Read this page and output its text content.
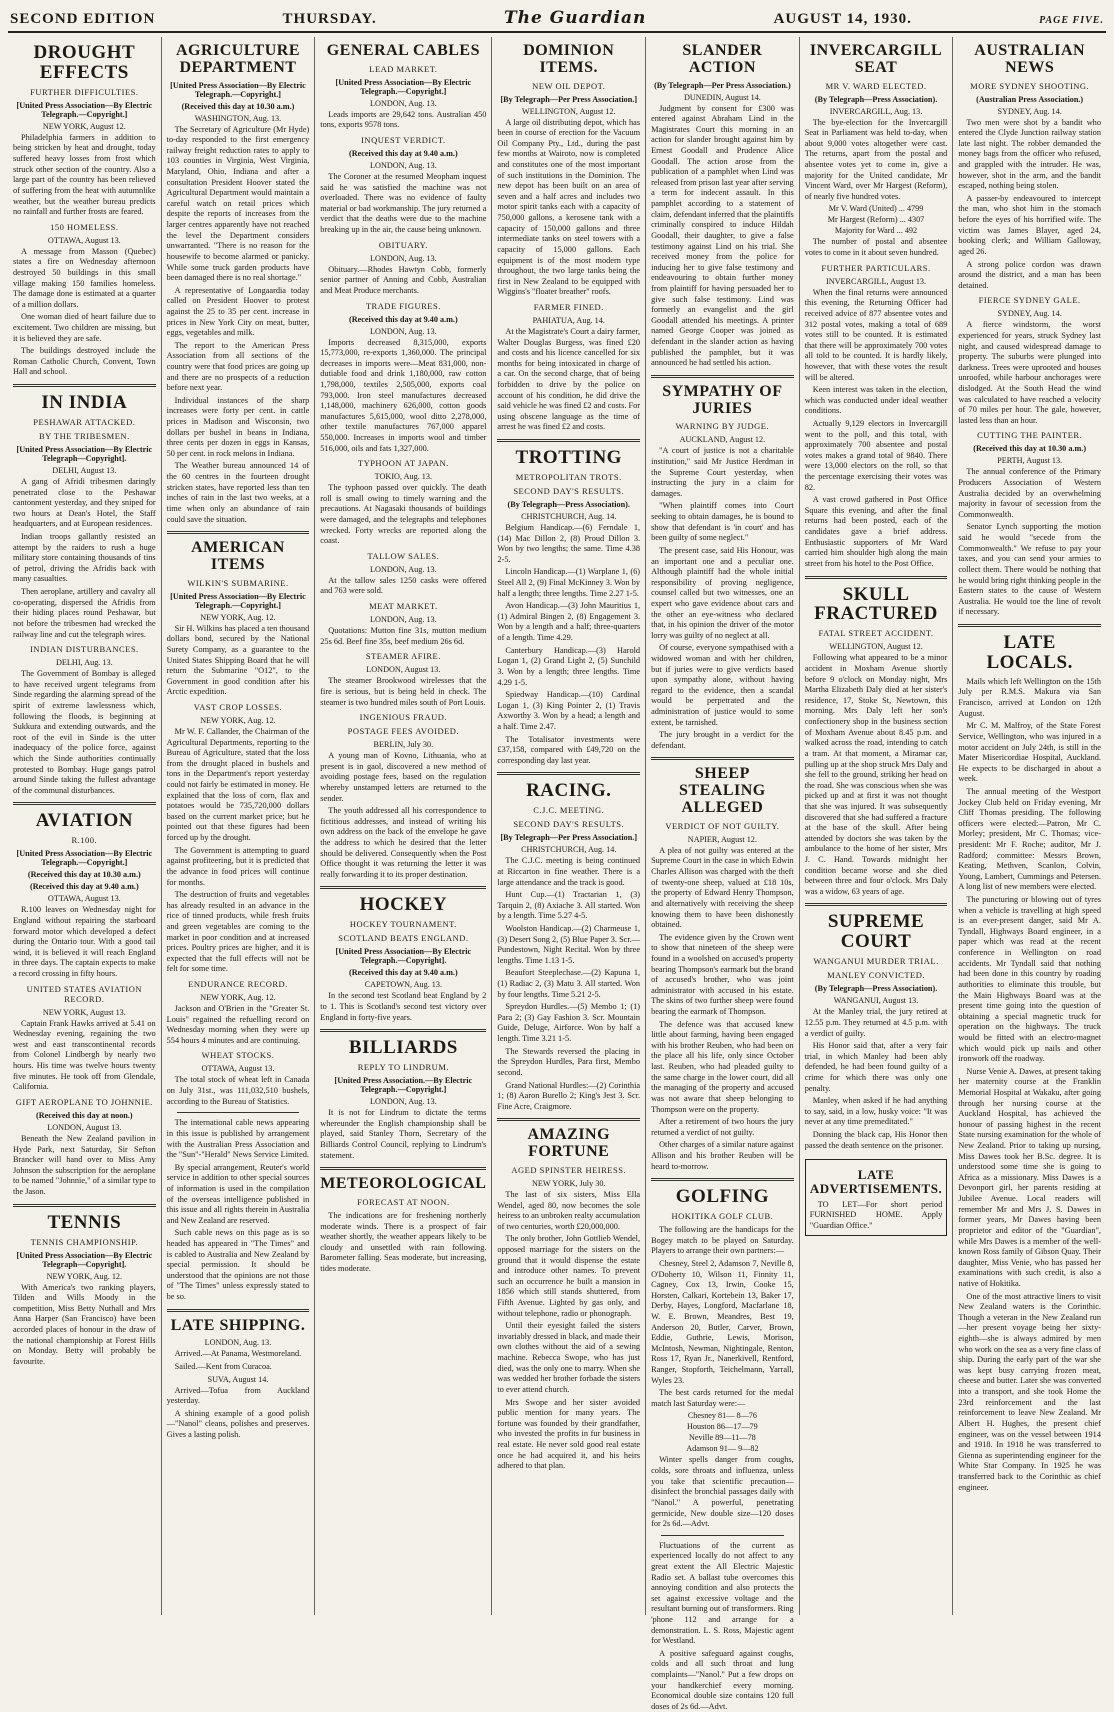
SECOND EDITION	THURSDAY.	The Guardian	AUGUST 14, 1930.	PAGE FIVE.
DROUGHT EFFECTS
FURTHER DIFFICULTIES.
[United Press Association—By Electric Telegraph.—Copyright.]
NEW YORK, August 12.

Philadelphia farmers in addition to being stricken by heat and drought, today suffered heavy losses from frost which struck other section of the country. Also a large part of the country has been relieved of suffering from the heat with autumnlike weather, but the weather bureau predicts no rainfall and further frosts are feared.

150 HOMELESS.
OTTAWA, August 13.

A message from Masson (Quebec) states a fire on Wednesday afternoon destroyed 50 buildings in this small village making 150 families homeless. The damage done is estimated at a quarter of a million dollars.

One woman died of heart failure due to excitement. Two children are missing, but it is believed they are safe.

The buildings destroyed include the Roman Catholic Church, Convent, Town Hall and school.

IN INDIA
PESHAWAR ATTACKED.
BY THE TRIBESMEN.
[United Press Association—By Electric Telegraph—Copyright].
DELHI, August 13.

A gang of Afridi tribesmen daringly penetrated close to the Peshawar cantonment yesterday, and they sniped for two hours at Dean's Hotel, the Staff headquarters, and at European residences.

Indian troops gallantly resisted an attempt by the raiders to rush a huge military store containing thousands of tins of petrol, driving the Afridis back with many casualties.

Then aeroplane, artillery and cavalry all co-operating, dispersed the Afridis from their hiding places round Peshawar, but not before the tribesmen had wrecked the railway line and cut the telegraph wires.

INDIAN DISTURBANCES.
DELHI, Aug. 13.

The Government of Bombay is alleged to have received urgent telegrams from Sinde regarding the alarming spread of the spirit of extreme lawlessness which, following the floods, is beginning at Sukkura and extending outwards, and the root of the evil in Sinde is the utter inadequacy of the police force, against which the Sinde authorities continually protested to Bombay. Huge gangs patrol around Sinde taking the fullest advantage of the communal disturbances.

AVIATION
R.100.
[United Press Association—By Electric Telegraph.—Copyright.]
(Received this day at 10.30 a.m.)
(Received this day at 9.40 a.m.)
OTTAWA, August 13.

R.100 leaves on Wednesday night for England without repairing the starboard forward motor which developed a defect during the Ontario tour. With a good tail wind, it is believed it will reach England in three days. The captain expects to make a record crossing in fifty hours.

UNITED STATES AVIATION RECORD.
NEW YORK, August 13.

Captain Frank Hawks arrived at 5.41 on Wednesday evening, regaining the two west and east transcontinental records from Colonel Lindbergh by nearly two hours. His time was twelve hours twenty five minutes. He took off from Glendale, California.

GIFT AEROPLANE TO JOHNNIE.
(Received this day at noon.)
LONDON, August 13.

Beneath the New Zealand pavilion in Hyde Park, next Saturday, Sir Sefton Brancker will hand over to Miss Amy Johnson the subscription for the aeroplane to be named "Johnnie," of a similar type to the Jason.

TENNIS
TENNIS CHAMPIONSHIP.
[United Press Association—By Electric Telegraph—Copyright].
NEW YORK, Aug. 12.

With America's two ranking players, Tilden and Wills Moody in the competition, Miss Betty Nuthall and Mrs Anna Harper (San Francisco) have been accorded places of honour in the draw of the national championship at Forest Hills on Monday. Betty will probably be favourite.

AGRICULTURE DEPARTMENT
[United Press Association—By Electric Telegraph.—Copyright.]
(Received this day at 10.30 a.m.)
WASHINGTON, Aug. 13.

The Secretary of Agriculture (Mr Hyde) to-day responded to the first emergency railway freight reduction rates to apply to 103 counties in Virginia, West Virginia, Maryland, Ohio, Indiana and after a consultation President Hoover stated the Agricultural Department would maintain a careful watch on retail prices which despite the reports of increases from the larger centres apparently have not reached the level the Department considers unwarranted. "There is no reason for the housewife to become alarmed or panicky. While some truck garden products have been damaged there is no real shortage."

A representative of Longaardia today called on President Hoover to protest against the 25 to 35 per cent. increase in prices in New York City on meat, butter, eggs, vegetables and milk.

The report to the American Press Association from all sections of the country were that food prices are going up and there are no prospects of a reduction before next year.

Individual instances of the sharp increases were forty per cent. in cattle prices in Madison and Wisconsin, two dollars per bushel in beans in Indiana, three cents per dozen in eggs in Kansas, 50 per cent. in rock melons in Indiana.

The Weather bureau announced 14 of the 60 centres in the fourteen drought stricken states, have reported less than ten inches of rain in the last two weeks, at a time when only an abundance of rain could save the situation.

AMERICAN ITEMS
WILKIN'S SUBMARINE.
[United Press Association—By Electric Telegraph.—Copyright.]
NEW YORK, Aug. 12.

Sir H. Wilkins has placed a ten thousand dollars bond, secured by the National Surety Company, as a guarantee to the United States Shipping Board that he will return the Submarine "O12", to the Government in good condition after his Arctic expedition.

VAST CROP LOSSES.
NEW YORK, Aug. 12.

Mr W. F. Callander, the Chairman of the Agricultural Departments, reporting to the Bureau of Agriculture, stated that the loss from the drought placed in bushels and tons in the Department's report yesterday could not fairly be estimated in money. He explained that the loss of corn, flax and potatoes would be 735,720,000 dollars based on the current market price; but he pointed out that these figures had been forced up by the drought.

The Government is attempting to guard against profiteering, but it is predicted that the advance in food prices will continue for months.

The destruction of fruits and vegetables has already resulted in an advance in the rice of tinned products, while fresh fruits and green vegetables are coming to the market in poor condition and at increased prices. Poultry prices are higher, and it is expected that the full effects will not be felt for some time.

ENDURANCE RECORD.
NEW YORK, Aug. 12.

Jackson and O'Brien in the "Greater St. Louis" regained the refuelling record on Wednesday morning when they were up 554 hours 4 minutes and are continuing.

WHEAT STOCKS.
OTTAWA, August 13.

The total stock of wheat left in Canada on July 31st., was 111,032,510 bushels, according to the Bureau of Statistics.

The international cable news appearing in this issue is published by arrangement with the Australian Press Association and the "Sun"-"Herald" News Service Limited.

By special arrangement, Reuter's world service in addition to other special sources of information is used in the compilation of the overseas intelligence published in this issue and all rights therein in Australia and New Zealand are reserved.

Such cable news on this page as is so headed has appeared in "The Times" and is cabled to Australia and New Zealand by special permission. It should be understood that the opinions are not those of "The Times" unless expressly stated to be so.

LATE SHIPPING.
LONDON, Aug. 13.

Arrived.—At Panama, Westmoreland.

Sailed.—Kent from Curacoa.

SUVA, August 14.

Arrived—Tofua from Auckland yesterday.

A shining example of a good polish —"Nanol" cleans, polishes and preserves. Gives a lasting polish.

GENERAL CABLES
LEAD MARKET.
[United Press Association—By Electric Telegraph.—Copyright.]
LONDON, Aug. 13.

Leads imports are 29,642 tons. Australian 450 tons, exports 9578 tons.

INQUEST VERDICT.
(Received this day at 9.40 a.m.)
LONDON, Aug. 13.

The Coroner at the resumed Meopham inquest said he was satisfied the machine was not overloaded. There was no evidence of faulty material or bad workmanship. The jury returned a verdict that the deaths were due to the machine breaking up in the air, the cause being unknown.

OBITUARY.
LONDON, Aug. 13.

Obituary.—Rhodes Hawtyn Cobb, formerly senior partner of Anning and Cobb, Australian and Meat Produce merchants.

TRADE FIGURES.
(Received this day at 9.40 a.m.)
LONDON, Aug. 13.

Imports decreased 8,315,000, exports 15,773,000, re-exports 1,360,000. The principal decreases in imports were—Meat 831,000, non-dutiable food and drink 1,180,000, raw cotton 1,798,000, textiles 2,505,000, exports coal 793,000. Iron steel manufactures decreased 1,148,000, machinery 626,000, cotton goods manufactures 5,615,000, wool ditto 2,278,000, other textile manufactures 767,000 apparel 550,000. Increases in imports wool and timber 516,000, oils and fats 1,327,000.

TYPHOON AT JAPAN.
TOKIO, Aug. 13.

The typhoon passed over quickly. The death roll is small owing to timely warning and the precautions. At Nagasaki thousands of buildings were damaged, and the telegraphs and telephones wrecked. Forty wrecks are reported along the coast.

TALLOW SALES.
LONDON, Aug. 13.

At the tallow sales 1250 casks were offered and 763 were sold.

MEAT MARKET.
LONDON, Aug. 13.

Quotations: Mutton fine 31s, mutton medium 25s 6d. Beef fine 35s, beef medium 26s 6d.

STEAMER AFIRE.
LONDON, August 13.

The steamer Brookwood wirelesses that the fire is serious, but is being held in check. The steamer is two hundred miles south of Port Louis.

INGENIOUS FRAUD.
POSTAGE FEES AVOIDED.
BERLIN, July 30.

A young man of Kovno, Lithuania, who at present is in gaol, discovered a new method of avoiding postage fees, based on the regulation whereby unstamped letters are returned to the sender.

The youth addressed all his correspondence to fictitious addresses, and instead of writing his own address on the back of the envelope he gave the address to which he desired that the letter should be delivered. Consequently when the Post Office thought it was returning the letter it was really forwarding it to its proper destination.

HOCKEY
HOCKEY TOURNAMENT.
SCOTLAND BEATS ENGLAND.
[United Press Association—By Electric Telegraph.—Copyright].
(Received this day at 9.40 a.m.)
CAPETOWN, Aug. 13.

In the second test Scotland beat England by 2 to 1. This is Scotland's second test victory over England in forty-five years.

BILLIARDS
REPLY TO LINDRUM.
[United Press Association.—By Electric Telegraph.—Copyright.]
LONDON, Aug. 13.

It is not for Lindrum to dictate the terms whereunder the English championship shall be played, said Stanley Thorn, Secretary of the Billiards Control Council, replying to Lindrum's statement.

METEOROLOGICAL
FORECAST AT NOON.

The indications are for freshening northerly moderate winds. There is a prospect of fair weather shortly, the weather appears likely to be cloudy and unsettled with rain following. Barometer falling. Seas moderate, but increasing, tides moderate.

DOMINION ITEMS.
NEW OIL DEPOT.
[By Telegraph—Per Press Association.]
WELLINGTON, August 12.

A large oil distributing depot, which has been in course of erection for the Vacuum Oil Company Pty., Ltd., during the past few months at Wairoto, now is completed and constitutes one of the most important of such institutions in the Dominion. The new depot has been built on an area of seven and a half acres and includes two motor spirit tanks each with a capacity of 750,000 gallons, a kerosene tank with a capacity of 150,000 gallons and three intermediate tanks on steel towers with a capacity of 15,000 gallons. Each equipment is of the most modern type throughout, the two large tanks being the first in New Zealand to be equipped with Wiggins's "floater breather" roofs.

FARMER FINED.
PAHIATUA, Aug. 14.

At the Magistrate's Court a dairy farmer, Walter Douglas Burgess, was fined £20 and costs and his licence cancelled for six months for being intoxicated in charge of a car. On the second charge, that of being forbidden to drive by the police on account of his condition, he did drive the said vehicle he was fined £2 and costs. For using obscene language as the time of arrest he was fined £2 and costs.

TROTTING
METROPOLITAN TROTS.
SECOND DAY'S RESULTS.
(By Telegraph—Press Association).
CHRISTCHURCH, Aug. 14.

Belgium Handicap.—(6) Ferndale 1, (14) Mac Dillon 2, (8) Proud Dillon 3. Won by two lengths; the same. Time 4.38 2-5.

Lincoln Handicap.—(1) Warplane 1, (6) Steel All 2, (9) Final McKinney 3. Won by half a length; three lengths. Time 2.27 1-5.

Avon Handicap.—(3) John Mauritius 1, (1) Admiral Bingen 2, (8) Engagement 3. Won by a length and a half; three-quarters of a length. Time 4.29.

Canterbury Handicap.—(3) Harold Logan 1, (2) Grand Light 2, (5) Sunchild 3. Won by a length; three lengths. Time 4.29 1-5.

Spiedway Handicap.—(10) Cardinal Logan 1, (3) King Pointer 2, (1) Travis Axworthy 3. Won by a head; a length and a half. Time 2.47.

The Totalisator investments were £37,158, compared with £49,720 on the corresponding day last year.

RACING.
C.J.C. MEETING.
SECOND DAY'S RESULTS.
[By Telegraph—Per Press Association.]
CHRISTCHURCH, Aug. 14.

The C.J.C. meeting is being continued at Riccarton in fine weather. There is a large attendance and the track is good.

Hunt Cup.—(1) Tractarian 1, (3) Tarquin 2, (8) Axiache 3. All started. Won by a length. Time 5.27 4-5.

Woolston Handicap.—(2) Charmeuse 1, (3) Desert Song 2, (5) Blue Paper 3. Scr.—Pundestown, Night Recital. Won by three lengths. Time 1.13 1-5.

Beaufort Steeplechase.—(2) Kapuna 1, (1) Radiac 2, (3) Matu 3. All started. Won by four lengths. Time 5.21 2-5.

Spreydon Hurdles.—(5) Membo 1; (1) Para 2; (3) Gay Fashion 3. Scr. Mountain Guide, Deluge, Airforce. Won by half a length. Time 3.21 1-5.

The Stewards reversed the placing in the Spreydon Hurdles, Para first, Membo second.

Grand National Hurdles:—(2) Corinthia 1; (8) Aaron Burello 2; King's Jest 3. Scr. Fine Acre, Craigmore.

AMAZING FORTUNE
AGED SPINSTER HEIRESS.
NEW YORK, July 30.

The last of six sisters, Miss Ella Wendel, aged 80, now becomes the sole heiress to an unbroken realty accumulation of two centuries, worth £20,000,000.

The only brother, John Gottlieb Wendel, opposed marriage for the sisters on the ground that it would dispense the estate and introduce other names. To prevent such an occurrence he built a mansion in 1856 which still stands shuttered, from Fifth Avenue. Lighted by gas only, and without telephone, radio or phonograph.

Until their eyesight failed the sisters invariably dressed in black, and made their own clothes without the aid of a sewing machine. Rebecca Swope, who has just died, was the only one to marry. When she was wedded her brother forbade the sisters to ever attend church.

Mrs Swope and her sister avoided public mention for many years. The fortune was founded by their grandfather, who invested the profits in fur business in real estate. He never sold good real estate once he had acquired it, and his heirs adhered to that plan.

SLANDER ACTION
(By Telegraph—Per Press Association.)
DUNEDIN, August 14.

Judgment by consent for £300 was entered against Abraham Lind in the Magistrates Court this morning in an action for slander brought against him by Ernest Goodall and Prudence Alice Goodall. The action arose from the publication of a pamphlet when Lind was released from prison last year after serving a term for indecent assault. In this pamphlet according to a statement of claim, defendant inferred that the plaintiffs criminally conspired to induce Hildah Goodall, their daughter, to give a false testimony against Lind on his trial. She received money from the police for inducing her to give false testimony and endeavouring to obtain further money from plaintiff for having persuaded her to give such false testimony. Lind was formerly an evangelist and the girl Goodall attended his meetings. A printer named George Cooper was joined as defendant in the slander action as having published the pamphlet, but it was announced he had settled his action.

SYMPATHY OF JURIES
WARNING BY JUDGE.
AUCKLAND, August 12.

"A court of justice is not a charitable institution," said Mr Justice Herdman in the Supreme Court yesterday, when instructing the jury in a claim for damages.

"When plaintiff comes into Court seeking to obtain damages, he is bound to show that defendant is 'in court' and has been guilty of some neglect."

The present case, said His Honour, was an important one and a peculiar one. Although plaintiff had the whole initial responsibility of proving negligence, counsel called but two witnesses, one an expert who gave evidence about cars and the other an eye-witness who declared that, in his opinion the driver of the motor lorry was guilty of no neglect at all.

Of course, everyone sympathised with a widowed woman and with her children, but if juries were to give verdicts based upon sympathy alone, without having regard to the evidence, then a scandal would be perpetrated and the administration of justice would to some extent, be tarnished.

The jury brought in a verdict for the defendant.

SHEEP STEALING ALLEGED
VERDICT OF NOT GUILTY.
NAPIER, August 12.

A plea of not guilty was entered at the Supreme Court in the case in which Edwin Charles Allison was charged with the theft of twenty-one sheep, valued at £18 10s, the property of Edward Henry Thompson, and alternatively with receiving the sheep knowing them to have been dishonestly obtained.

The evidence given by the Crown went to show that nineteen of the sheep were found in a woolshed on accused's property bearing Thompson's earmark but the brand of accused's brother, who was joint administrator with accused in his estate. The skins of two further sheep were found bearing the earmark of Thompson.

The defence was that accused knew little about farming, having been engaged with his brother Reuben, who had been on the place all his life, only since October last. Reuben, who had pleaded guilty to the same charge in the lower court, did all the managing of the property and accused was not aware that sheep belonging to Thompson were on the property.

After a retirement of two hours the jury returned a verdict of not guilty.

Other charges of a similar nature against Allison and his brother Reuben will be heard to-morrow.

GOLFING
HOKITIKA GOLF CLUB.

The following are the handicaps for the Bogey match to be played on Saturday. Players to arrange their own partners:—

Chesney, Steel 2, Adamson 7, Neville 8, O'Doherty 10, Wilson 11, Finnity 11, Cagney, Cox 13, Irwin, Cooke 15, Horsten, Calkari, Kortebein 13, Baker 17, Derby, Hayes, Longford, Macfarlane 18, W. E. Brown, Meandres, Best 19, Anderson 20, Butler, Carver, Brown, Eddie, Guthrie, Lewis, Morison, McIntosh, Newman, Nightingale, Renton, Ross 17, Ryan Jr., Nanerkivell, Rentford, Ranger, Stopforth, Teichelmann, Yarrall, Wyles 23.

The best cards returned for the medal match last Saturday were:—

Chesney 81— 8—76
Houston 86—17—79
Neville 89—11—78
Adamson 91— 9—82

Winter spells danger from coughs, colds, sore throats and influenza, unless you take that scientific precaution—disinfect the bronchial passages daily with "Nanol." A powerful, penetrating germicide, New double size—120 doses for 2s 6d.—Advt.

Fluctuations of the current as experienced locally do not affect to any great extent the All Electric Majestic Radio set. A ballast tube overcomes this annoying condition and also protects the set against excessive voltage and the resultant burning out of transformers. Ring 'phone 112 and arrange for a demonstration. L. S. Ross, Majestic agent for Westland.

A positive safeguard against coughs, colds and all such throat and lung complaints—"Nanol." Put a few drops on your handkerchief every morning. Economical double size contains 120 full doses of 2s 6d.—Advt.

INVERCARGILL SEAT
MR V. WARD ELECTED.
(By Telegraph—Press Association).
INVERCARGILL, Aug. 13.

The bye-election for the Invercargill Seat in Parliament was held to-day, when about 9,000 votes altogether were cast. The returns, apart from the postal and absentee votes yet to come in, give a majority for the United candidate, Mr Vincent Ward, over Mr Hargest (Reform), of nearly five hundred votes.

Mr V. Ward (United) ... 4799
Mr Hargest (Reform) ... 4307
Majority for Ward ... 492

The number of postal and absentee votes to come in it about seven hundred.

FURTHER PARTICULARS.
INVERCARGILL, August 13.

When the final returns were announced this evening, the Returning Officer had received advice of 877 absentee votes and 312 postal votes, making a total of 689 votes still to be counted. It is estimated that there will be approximately 700 votes all told to be counted. It is hardly likely, however, that with these votes the result will be altered.

Keen interest was taken in the election, which was conducted under ideal weather conditions.

Actually 9,129 electors in Invercargill went to the poll, and this total, with approximately 700 absentee and postal votes makes a grand total of 9840. There were 13,000 electors on the roll, so that the percentage exercising their votes was 82.

A vast crowd gathered in Post Office Square this evening, and after the final returns had been posted, each of the candidates gave a brief address. Enthusiastic supporters of Mr Ward carried him shoulder high along the main street from his hotel to the Post Office.

SKULL FRACTURED
FATAL STREET ACCIDENT.
WELLINGTON, August 12.

Following what appeared to be a minor accident in Moxham Avenue shortly before 9 o'clock on Monday night, Mrs Martha Elizabeth Daly died at her sister's residence, 17, Stoke St, Newtown, this morning. Mrs Daly left her son's confectionery shop in the business section of Moxham Avenue about 8.45 p.m. and walked across the road, intending to catch a tram. At that moment, a Miramar car, pulling up at the shop struck Mrs Daly and she fell to the ground, striking her head on the road. She was conscious when she was picked up and at first it was not thought that she was injured. It was subsequently discovered that she had suffered a fracture at the base of the skull. After being attended by doctors she was taken by the ambulance to the home of her sister, Mrs J. C. Hand. Towards midnight her condition became worse and she died between three and four o'clock. Mrs Daly was a widow, 63 years of age.

SUPREME COURT
WANGANUI MURDER TRIAL.
MANLEY CONVICTED.
(By Telegraph—Press Association).
WANGANUI, August 13.

At the Manley trial, the jury retired at 12.55 p.m. They returned at 4.5 p.m. with a verdict of guilty.

His Honor said that, after a very fair trial, in which Manley had been ably defended, he had been found guilty of a crime for which there was only one penalty.

Manley, when asked if he had anything to say, said, in a low, husky voice: "It was never at any time premeditated."

Donning the black cap, His Honor then passed the death sentence on the prisoner.

LATE ADVERTISEMENTS.

TO LET—For short period FURNISHED HOME. Apply "Guardian Office."

AUSTRALIAN NEWS
MORE SYDNEY SHOOTING.
(Australian Press Association.)
SYDNEY, Aug. 14.

Two men were shot by a bandit who entered the Clyde Junction railway station late last night. The robber demanded the money bags from the officer who refused, and grappled with the intruder. He was, however, shot in the arm, and the bandit escaped, nothing being stolen.

A passer-by endeavoured to intercept the man, who shot him in the stomach before the eyes of his horrified wife. The victim was James Blayer, aged 24, booking clerk; and William Galloway, aged 26.

A strong police cordon was drawn around the district, and a man has been detained.

FIERCE SYDNEY GALE.
SYDNEY, Aug. 14.

A fierce windstorm, the worst experienced for years, struck Sydney last night, and caused widespread damage to property. The suburbs were plunged into darkness. Trees were uprooted and houses unroofed, while harbour anchorages were dislodged. At the South Head the wind was calculated to have reached a velocity of 70 miles per hour. The gale, however, lasted less than an hour.

CUTTING THE PAINTER.
(Received this day at 10.30 a.m.)
PERTH, August 13.

The annual conference of the Primary Producers Association of Western Australia decided by an overwhelming majority in favour of secession from the Commonwealth.

Senator Lynch supporting the motion said he would "secede from the Commonwealth." We refuse to pay your taxes, and you can send your armies to collect them. There would be nothing that he would bring right thinking people in the Eastern states to the cause of Western Australia. He would toe the line of revolt if necessary.

LATE LOCALS.

Mails which left Wellington on the 15th July per R.M.S. Makura via San Francisco, arrived at London on 12th August.

Mr C. M. Malfroy, of the State Forest Service, Wellington, who was injured in a motor accident on July 24th, is still in the Mater Misericordiae Hospital, Auckland. He expects to be discharged in about a week.

The annual meeting of the Westport Jockey Club held on Friday evening, Mr Cliff Thomas presiding. The following officers were elected:—Patron, Mr C. Morley; president, Mr C. Thomas; vice-president: Mr F. Roche; auditor, Mr J. Radford; committee: Messrs Brown, Keating, Methven, Scanlon, Colvin, Young, Lambert, Cummings and Petersen. A long list of new members were elected.

The puncturing or blowing out of tyres when a vehicle is travelling at high speed is an ever-present danger, said Mr A. Tyndall, Highways Board engineer, in a paper which was read at the recent conference in Wellington on road accidents. Mr Tyndall said that nothing had been done in this country by roading authorities to eliminate this trouble, but the Main Highways Board was at the present time going into the question of obtaining a special magnetic truck for operation on the highways. The truck would be fitted with an electro-magnet which would pick up nails and other ironwork off the roadway.

Nurse Venie A. Dawes, at present taking her maternity course at the Franklin Memorial Hospital at Wakaku, after going through her nursing course at the Auckland Hospital, has achieved the honour of passing highest in the recent State nursing examination for the whole of New Zealand. Prior to taking up nursing, Miss Dawes took her B.Sc. degree. It is understood some time she is going to Africa as a missionary. Miss Dawes is a Devonport girl, her parents residing at Jubilee Avenue. Local readers will remember Mr and Mrs J. S. Dawes in former years, Mr Dawes having been proprietor and editor of the "Guardian", while Mrs Dawes is a member of the well-known Ross family of Gibson Quay. Their daughter, Miss Venie, who has passed her examinations with such credit, is also a native of Hokitika.

One of the most attractive liners to visit New Zealand waters is the Corinthic. Though a veteran in the New Zealand run—her present voyage being her sixty-eighth—she is always admired by men who work on the sea as a very fine class of ship. During the early part of the war she was kept busy carrying frozen meat, cheese and butter. Later she was converted into a transport, and she took Home the 23rd reinforcement and the last reinforcement to leave New Zealand. Mr Albert H. Hughes, the present chief engineer, was on the vessel between 1914 and 1918. In 1918 he was transferred to Gienna as superintending engineer for the White Star Company. In 1925 he was transferred back to the Corinthic as chief engineer.
